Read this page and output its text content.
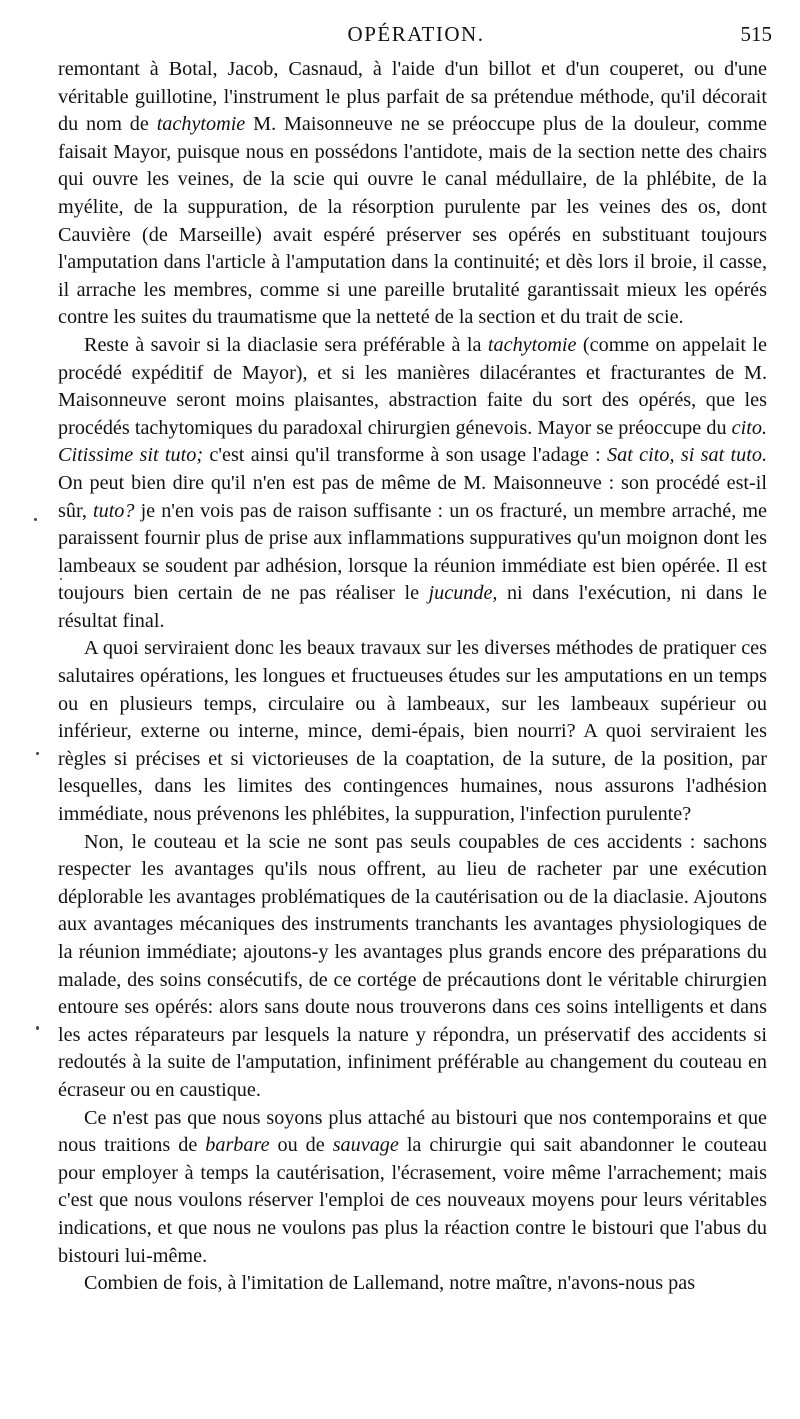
OPÉRATION.	515

remontant à Botal, Jacob, Casnaud, à l'aide d'un billot et d'un couperet, ou d'une véritable guillotine, l'instrument le plus parfait de sa prétendue méthode, qu'il décorait du nom de tachytomie M. Maisonneuve ne se préoccupe plus de la douleur, comme faisait Mayor, puisque nous en possédons l'antidote, mais de la section nette des chairs qui ouvre les veines, de la scie qui ouvre le canal médullaire, de la phlébite, de la myélite, de la suppuration, de la résorption purulente par les veines des os, dont Cauvière (de Marseille) avait espéré préserver ses opérés en substituant toujours l'amputation dans l'article à l'amputation dans la continuité; et dès lors il broie, il casse, il arrache les membres, comme si une pareille brutalité garantissait mieux les opérés contre les suites du traumatisme que la netteté de la section et du trait de scie.

Reste à savoir si la diaclasie sera préférable à la tachytomie (comme on appelait le procédé expéditif de Mayor), et si les manières dilacérantes et fracturantes de M. Maisonneuve seront moins plaisantes, abstraction faite du sort des opérés, que les procédés tachytomiques du paradoxal chirurgien génevois. Mayor se préoccupe du cito. Citissime sit tuto; c'est ainsi qu'il transforme à son usage l'adage : Sat cito, si sat tuto. On peut bien dire qu'il n'en est pas de même de M. Maisonneuve : son procédé est-il sûr, tuto? je n'en vois pas de raison suffisante : un os fracturé, un membre arraché, me paraissent fournir plus de prise aux inflammations suppuratives qu'un moignon dont les lambeaux se soudent par adhésion, lorsque la réunion immédiate est bien opérée. Il est toujours bien certain de ne pas réaliser le jucunde, ni dans l'exécution, ni dans le résultat final.

A quoi serviraient donc les beaux travaux sur les diverses méthodes de pratiquer ces salutaires opérations, les longues et fructueuses études sur les amputations en un temps ou en plusieurs temps, circulaire ou à lambeaux, sur les lambeaux supérieur ou inférieur, externe ou interne, mince, demi-épais, bien nourri? A quoi serviraient les règles si précises et si victorieuses de la coaptation, de la suture, de la position, par lesquelles, dans les limites des contingences humaines, nous assurons l'adhésion immédiate, nous prévenons les phlébites, la suppuration, l'infection purulente?

Non, le couteau et la scie ne sont pas seuls coupables de ces accidents : sachons respecter les avantages qu'ils nous offrent, au lieu de racheter par une exécution déplorable les avantages problématiques de la cautérisation ou de la diaclasie. Ajoutons aux avantages mécaniques des instruments tranchants les avantages physiologiques de la réunion immédiate; ajoutons-y les avantages plus grands encore des préparations du malade, des soins consécutifs, de ce cortége de précautions dont le véritable chirurgien entoure ses opérés: alors sans doute nous trouverons dans ces soins intelligents et dans les actes réparateurs par lesquels la nature y répondra, un préservatif des accidents si redoutés à la suite de l'amputation, infiniment préférable au changement du couteau en écraseur ou en caustique.

Ce n'est pas que nous soyons plus attaché au bistouri que nos contemporains et que nous traitions de barbare ou de sauvage la chirurgie qui sait abandonner le couteau pour employer à temps la cautérisation, l'écrasement, voire même l'arrachement; mais c'est que nous voulons réserver l'emploi de ces nouveaux moyens pour leurs véritables indications, et que nous ne voulons pas plus la réaction contre le bistouri que l'abus du bistouri lui-même.

Combien de fois, à l'imitation de Lallemand, notre maître, n'avons-nous pas
